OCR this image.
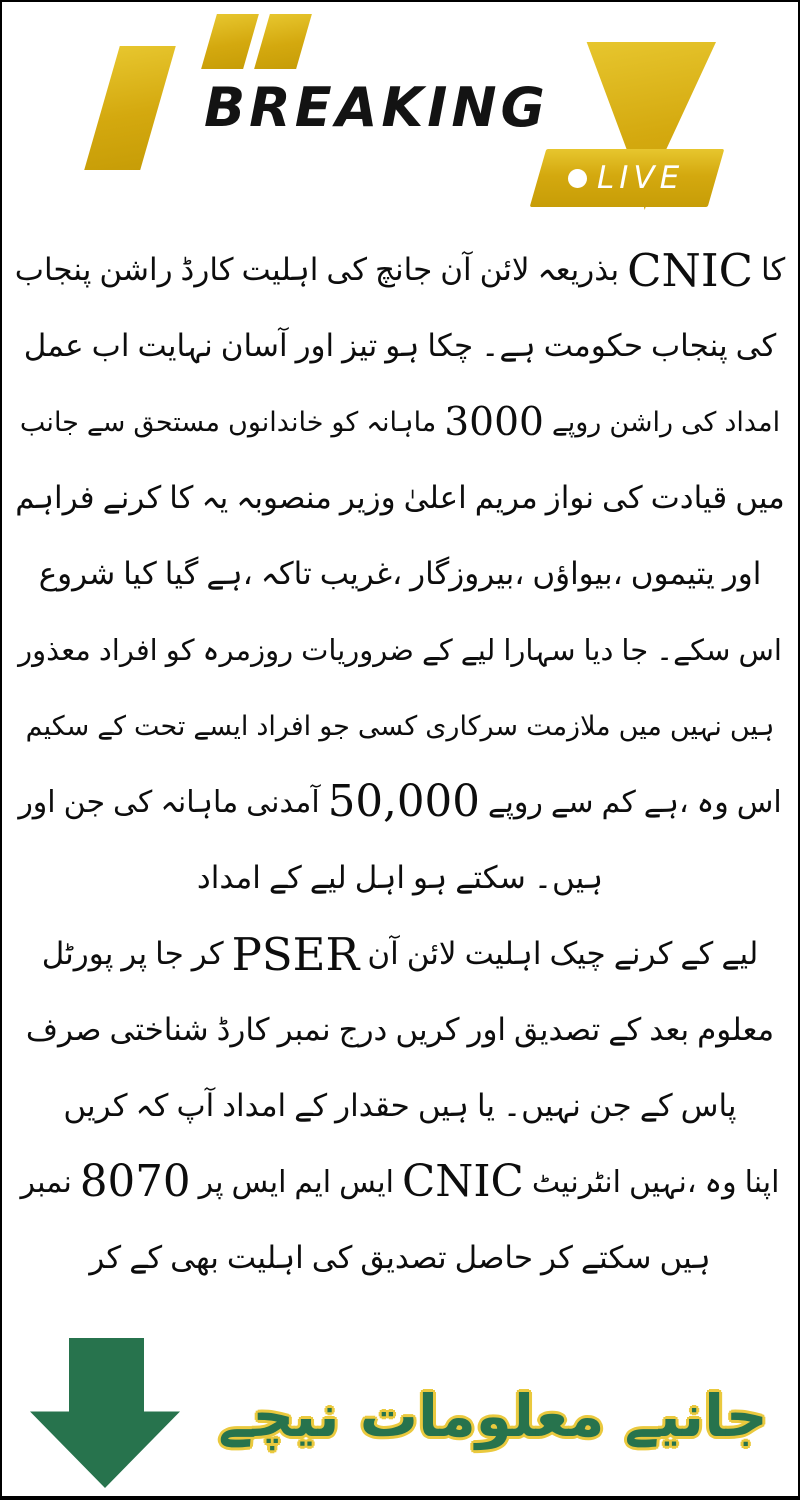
BREAKING
LIVE
پنجاب راشن کارڈ اہلیت کی جانچ آن لائن بذریعہ CNIC کا
عمل اب نہایت آسان اور تیز ہو چکا ہے۔ حکومت پنجاب کی
جانب سے مستحق خاندانوں کو ماہانہ 3000 روپے راشن کی امداد
فراہم کرنے کا یہ منصوبہ وزیر اعلیٰ مریم نواز کی قیادت میں
شروع کیا گیا ہے، تاکہ غریب، بیروزگار، بیواؤں، یتیموں اور
معذور افراد کو روزمرہ ضروریات کے لیے سہارا دیا جا سکے۔ اس
سکیم کے تحت ایسے افراد جو کسی سرکاری ملازمت میں نہیں ہیں
اور جن کی ماہانہ آمدنی 50,000 روپے سے کم ہے، وہ اس
امداد کے لیے اہل ہو سکتے ہیں۔
پورٹل پر جا کر PSER آن لائن اہلیت چیک کرنے کے لیے
صرف شناختی کارڈ نمبر درج کریں اور تصدیق کے بعد معلوم
کریں کہ آپ امداد کے حقدار ہیں یا نہیں۔ جن کے پاس
نمبر 8070 پر ایس ایم ایس CNIC انٹرنیٹ نہیں، وہ اپنا
کر کے بھی اہلیت کی تصدیق حاصل کر سکتے ہیں
جانیے معلومات نیچے
